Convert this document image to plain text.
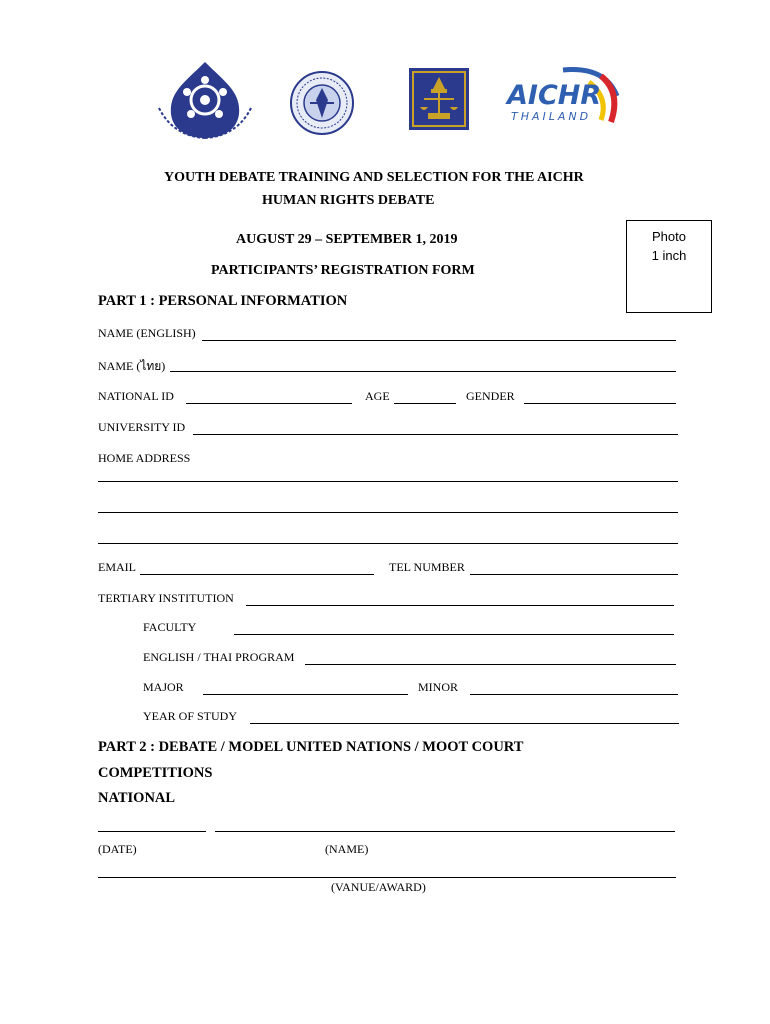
AICHR
THAILAND
YOUTH DEBATE TRAINING AND SELECTION FOR THE AICHR
HUMAN RIGHTS DEBATE
AUGUST 29 – SEPTEMBER 1, 2019
PARTICIPANTS’ REGISTRATION FORM
Photo
1 inch
PART 1 : PERSONAL INFORMATION
NAME (ENGLISH)
NAME (ไทย)
NATIONAL ID	AGE	GENDER
UNIVERSITY ID
HOME ADDRESS
EMAIL	TEL NUMBER
TERTIARY INSTITUTION
FACULTY
ENGLISH / THAI PROGRAM
MAJOR	MINOR
YEAR OF STUDY
PART 2 : DEBATE / MODEL UNITED NATIONS / MOOT COURT
COMPETITIONS
NATIONAL
(DATE)	(NAME)
(VANUE/AWARD)
